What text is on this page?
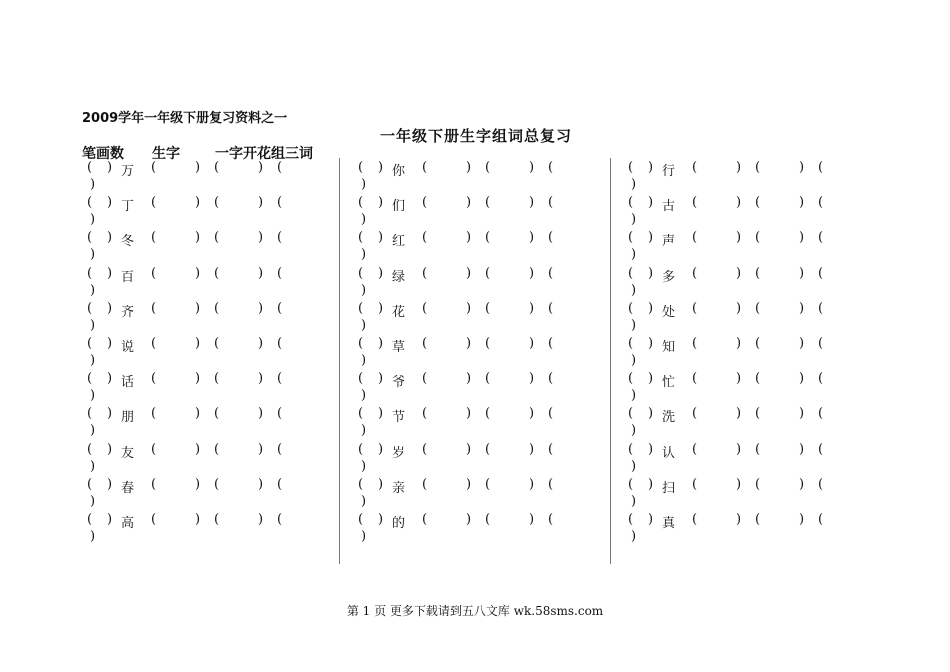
2009学年一年级下册复习资料之一
一年级下册生字组词总复习
笔画数 生字	一字开花组三词
( ) 万 (	) (	) (
)
( ) 丁 (	) (	) (
)
( ) 冬 (	) (	) (
)
( ) 百 (	) (	) (
)
( ) 齐 (	) (	) (
)
( ) 说 (	) (	) (
)
( ) 话 (	) (	) (
)
( ) 朋 (	) (	) (
)
( ) 友 (	) (	) (
)
( ) 春 (	) (	) (
)
( ) 高 (	) (	) (
)
( ) 你 (	) (	) (
)
( ) 们 (	) (	) (
)
( ) 红 (	) (	) (
)
( ) 绿 (	) (	) (
)
( ) 花 (	) (	) (
)
( ) 草 (	) (	) (
)
( ) 爷 (	) (	) (
)
( ) 节 (	) (	) (
)
( ) 岁 (	) (	) (
)
( ) 亲 (	) (	) (
)
( ) 的 (	) (	) (
)
( ) 行 (	) (	) (
)
( ) 古 (	) (	) (
)
( ) 声 (	) (	) (
)
( ) 多 (	) (	) (
)
( ) 处 (	) (	) (
)
( ) 知 (	) (	) (
)
( ) 忙 (	) (	) (
)
( ) 洗 (	) (	) (
)
( ) 认 (	) (	) (
)
( ) 扫 (	) (	) (
)
( ) 真 (	) (	) (
)
第 1 页 更多下载请到五八文库 wk.58sms.com
